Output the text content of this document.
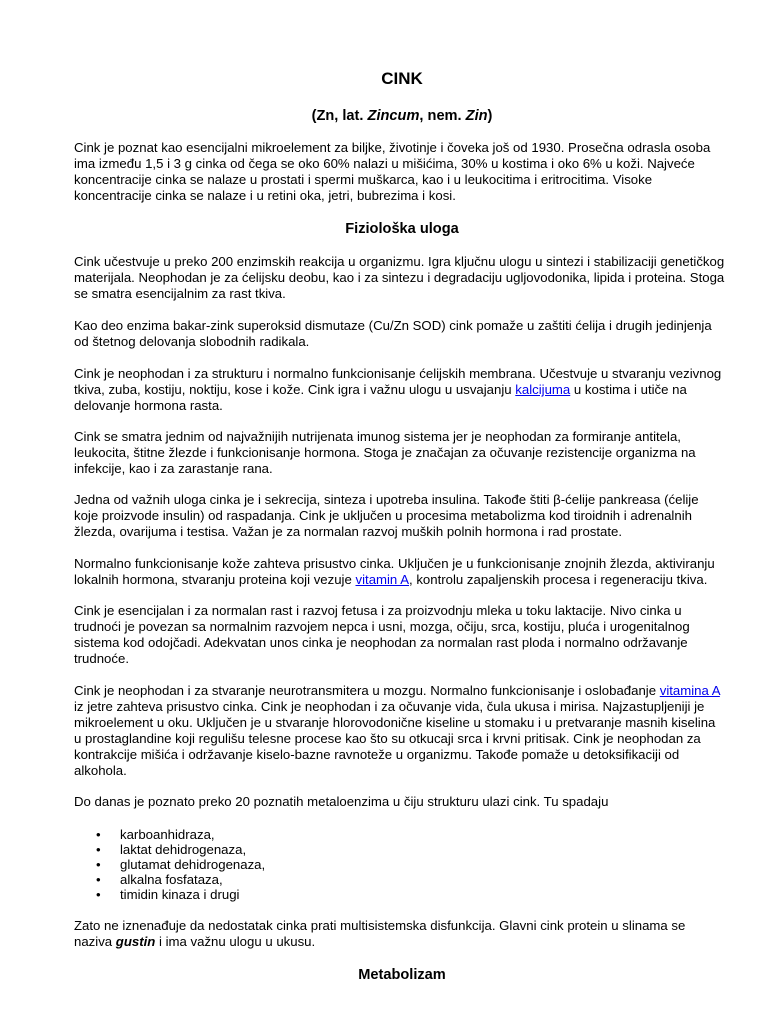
CINK
(Zn, lat. Zincum, nem. Zin)

Cink je poznat kao esencijalni mikroelement za biljke, životinje i čoveka još od 1930. Prosečna odrasla osoba ima između 1,5 i 3 g cinka od čega se oko 60% nalazi u mišićima, 30% u kostima i oko 6% u koži. Najveće koncentracije cinka se nalaze u prostati i spermi muškarca, kao i u leukocitima i eritrocitima. Visoke koncentracije cinka se nalaze i u retini oka, jetri, bubrezima i kosi.

Fiziološka uloga

Cink učestvuje u preko 200 enzimskih reakcija u organizmu. Igra ključnu ulogu u sintezi i stabilizaciji genetičkog materijala. Neophodan je za ćelijsku deobu, kao i za sintezu i degradaciju ugljovodonika, lipida i proteina. Stoga se smatra esencijalnim za rast tkiva.

Kao deo enzima bakar-zink superoksid dismutaze (Cu/Zn SOD) cink pomaže u zaštiti ćelija i drugih jedinjenja od štetnog delovanja slobodnih radikala.

Cink je neophodan i za strukturu i normalno funkcionisanje ćelijskih membrana. Učestvuje u stvaranju vezivnog tkiva, zuba, kostiju, noktiju, kose i kože. Cink igra i važnu ulogu u usvajanju kalcijuma u kostima i utiče na delovanje hormona rasta.

Cink se smatra jednim od najvažnijih nutrijenata imunog sistema jer je neophodan za formiranje antitela, leukocita, štitne žlezde i funkcionisanje hormona. Stoga je značajan za očuvanje rezistencije organizma na infekcije, kao i za zarastanje rana.

Jedna od važnih uloga cinka je i sekrecija, sinteza i upotreba insulina. Takođe štiti β-ćelije pankreasa (ćelije koje proizvode insulin) od raspadanja. Cink je uključen u procesima metabolizma kod tiroidnih i adrenalnih žlezda, ovarijuma i testisa. Važan je za normalan razvoj muških polnih hormona i rad prostate.

Normalno funkcionisanje kože zahteva prisustvo cinka. Uključen je u funkcionisanje znojnih žlezda, aktiviranju lokalnih hormona, stvaranju proteina koji vezuje vitamin A, kontrolu zapaljenskih procesa i regeneraciju tkiva.

Cink je esencijalan i za normalan rast i razvoj fetusa i za proizvodnju mleka u toku laktacije. Nivo cinka u trudnoći je povezan sa normalnim razvojem nepca i usni, mozga, očiju, srca, kostiju, pluća i urogenitalnog sistema kod odojčadi. Adekvatan unos cinka je neophodan za normalan rast ploda i normalno održavanje trudnoće.

Cink je neophodan i za stvaranje neurotransmitera u mozgu. Normalno funkcionisanje i oslobađanje vitamina A iz jetre zahteva prisustvo cinka. Cink je neophodan i za očuvanje vida, čula ukusa i mirisa. Najzastupljeniji je mikroelement u oku. Uključen je u stvaranje hlorovodonične kiseline u stomaku i u pretvaranje masnih kiselina u prostaglandine koji regulišu telesne procese kao što su otkucaji srca i krvni pritisak. Cink je neophodan za kontrakcije mišića i održavanje kiselo-bazne ravnoteže u organizmu. Takođe pomaže u detoksifikaciji od alkohola.

Do danas je poznato preko 20 poznatih metaloenzima u čiju strukturu ulazi cink. Tu spadaju

• karboanhidraza,
• laktat dehidrogenaza,
• glutamat dehidrogenaza,
• alkalna fosfataza,
• timidin kinaza i drugi

Zato ne iznenađuje da nedostatak cinka prati multisistemska disfunkcija. Glavni cink protein u slinama se naziva gustin i ima važnu ulogu u ukusu.

Metabolizam
